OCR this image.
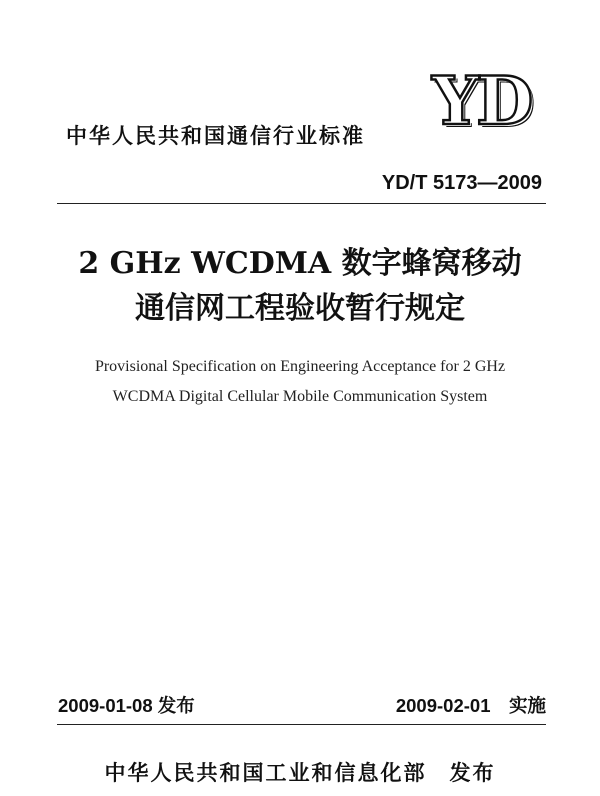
YD
中华人民共和国通信行业标准
YD/T 5173—2009
2 GHz WCDMA 数字蜂窝移动
通信网工程验收暂行规定
Provisional Specification on Engineering Acceptance for 2 GHz
WCDMA Digital Cellular Mobile Communication System
2009-01-08 发布	2009-02-01　实施
中华人民共和国工业和信息化部　发布
